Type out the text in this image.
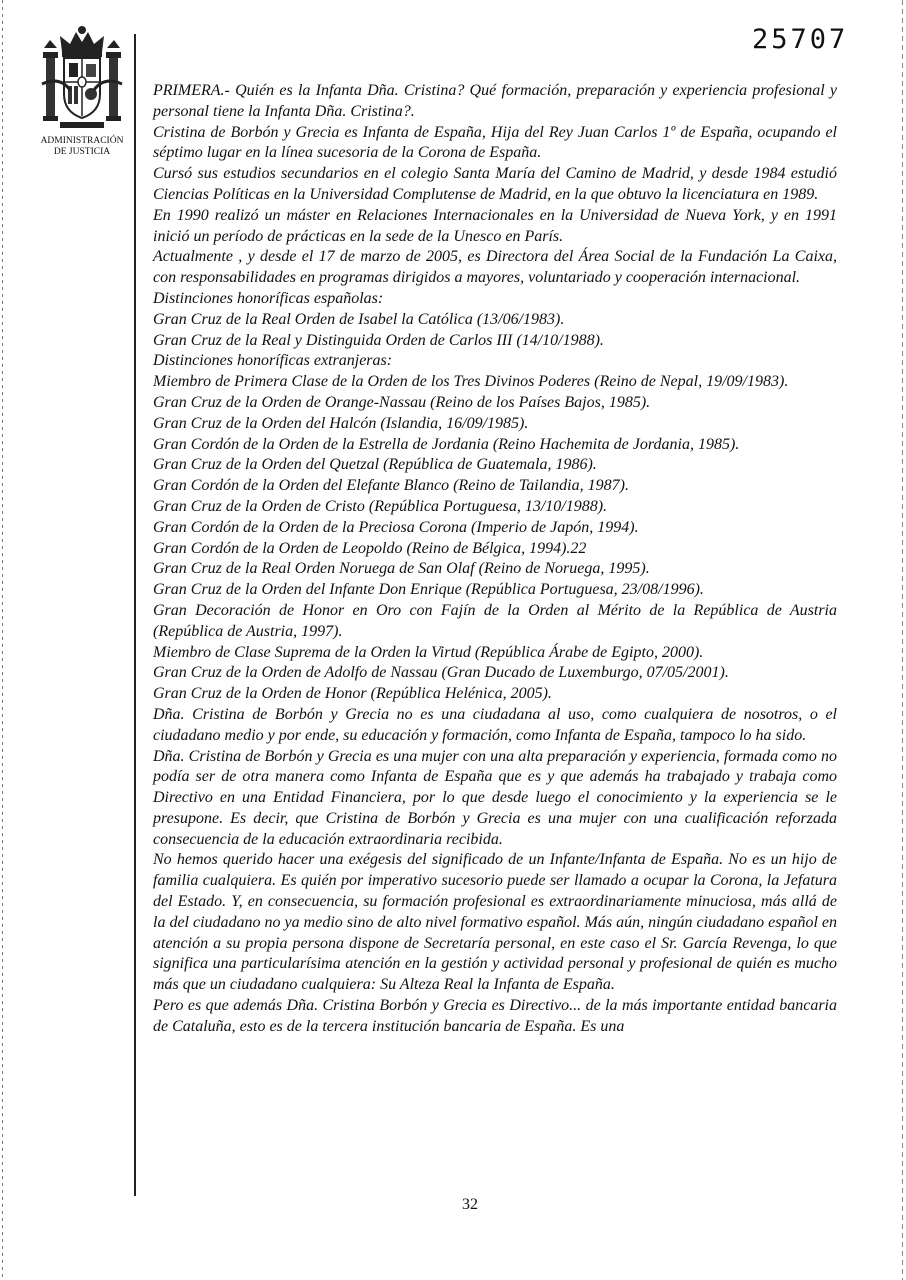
25707
ADMINISTRACIÓN
DE JUSTICIA

PRIMERA.- Quién es la Infanta Dña. Cristina? Qué formación, preparación y experiencia profesional y personal tiene la Infanta Dña. Cristina?.

Cristina de Borbón y Grecia es Infanta de España, Hija del Rey Juan Carlos 1º de España, ocupando el séptimo lugar en la línea sucesoria de la Corona de España.

Cursó sus estudios secundarios en el colegio Santa María del Camino de Madrid, y desde 1984 estudió Ciencias Políticas en la Universidad Complutense de Madrid, en la que obtuvo la licenciatura en 1989.

En 1990 realizó un máster en Relaciones Internacionales en la Universidad de Nueva York, y en 1991 inició un período de prácticas en la sede de la Unesco en París.

Actualmente , y desde el 17 de marzo de 2005, es Directora del Área Social de la Fundación La Caixa, con responsabilidades en programas dirigidos a mayores, voluntariado y cooperación internacional.

Distinciones honoríficas españolas:

Gran Cruz de la Real Orden de Isabel la Católica (13/06/1983).

Gran Cruz de la Real y Distinguida Orden de Carlos III (14/10/1988).

Distinciones honoríficas extranjeras:

Miembro de Primera Clase de la Orden de los Tres Divinos Poderes (Reino de Nepal, 19/09/1983).

Gran Cruz de la Orden de Orange-Nassau (Reino de los Países Bajos, 1985).

Gran Cruz de la Orden del Halcón (Islandia, 16/09/1985).

Gran Cordón de la Orden de la Estrella de Jordania (Reino Hachemita de Jordania, 1985).

Gran Cruz de la Orden del Quetzal (República de Guatemala, 1986).

Gran Cordón de la Orden del Elefante Blanco (Reino de Tailandia, 1987).

Gran Cruz de la Orden de Cristo (República Portuguesa, 13/10/1988).

Gran Cordón de la Orden de la Preciosa Corona (Imperio de Japón, 1994).

Gran Cordón de la Orden de Leopoldo (Reino de Bélgica, 1994).22

Gran Cruz de la Real Orden Noruega de San Olaf (Reino de Noruega, 1995).

Gran Cruz de la Orden del Infante Don Enrique (República Portuguesa, 23/08/1996).

Gran Decoración de Honor en Oro con Fajín de la Orden al Mérito de la República de Austria (República de Austria, 1997).

Miembro de Clase Suprema de la Orden la Virtud (República Árabe de Egipto, 2000).

Gran Cruz de la Orden de Adolfo de Nassau (Gran Ducado de Luxemburgo, 07/05/2001).

Gran Cruz de la Orden de Honor (República Helénica, 2005).

Dña. Cristina de Borbón y Grecia no es una ciudadana al uso, como cualquiera de nosotros, o el ciudadano medio y por ende, su educación y formación, como Infanta de España, tampoco lo ha sido.

Dña. Cristina de Borbón y Grecia es una mujer con una alta preparación y experiencia, formada como no podía ser de otra manera como Infanta de España que es y que además ha trabajado y trabaja como Directivo en una Entidad Financiera, por lo que desde luego el conocimiento y la experiencia se le presupone. Es decir, que Cristina de Borbón y Grecia es una mujer con una cualificación reforzada consecuencia de la educación extraordinaria recibida.

No hemos querido hacer una exégesis del significado de un Infante/Infanta de España. No es un hijo de familia cualquiera. Es quién por imperativo sucesorio puede ser llamado a ocupar la Corona, la Jefatura del Estado. Y, en consecuencia, su formación profesional es extraordinariamente minuciosa, más allá de la del ciudadano no ya medio sino de alto nivel formativo español. Más aún, ningún ciudadano español en atención a su propia persona dispone de Secretaría personal, en este caso el Sr. García Revenga, lo que significa una particularísima atención en la gestión y actividad personal y profesional de quién es mucho más que un ciudadano cualquiera: Su Alteza Real la Infanta de España.

Pero es que además Dña. Cristina Borbón y Grecia es Directivo... de la más importante entidad bancaria de Cataluña, esto es de la tercera institución bancaria de España. Es una

32
